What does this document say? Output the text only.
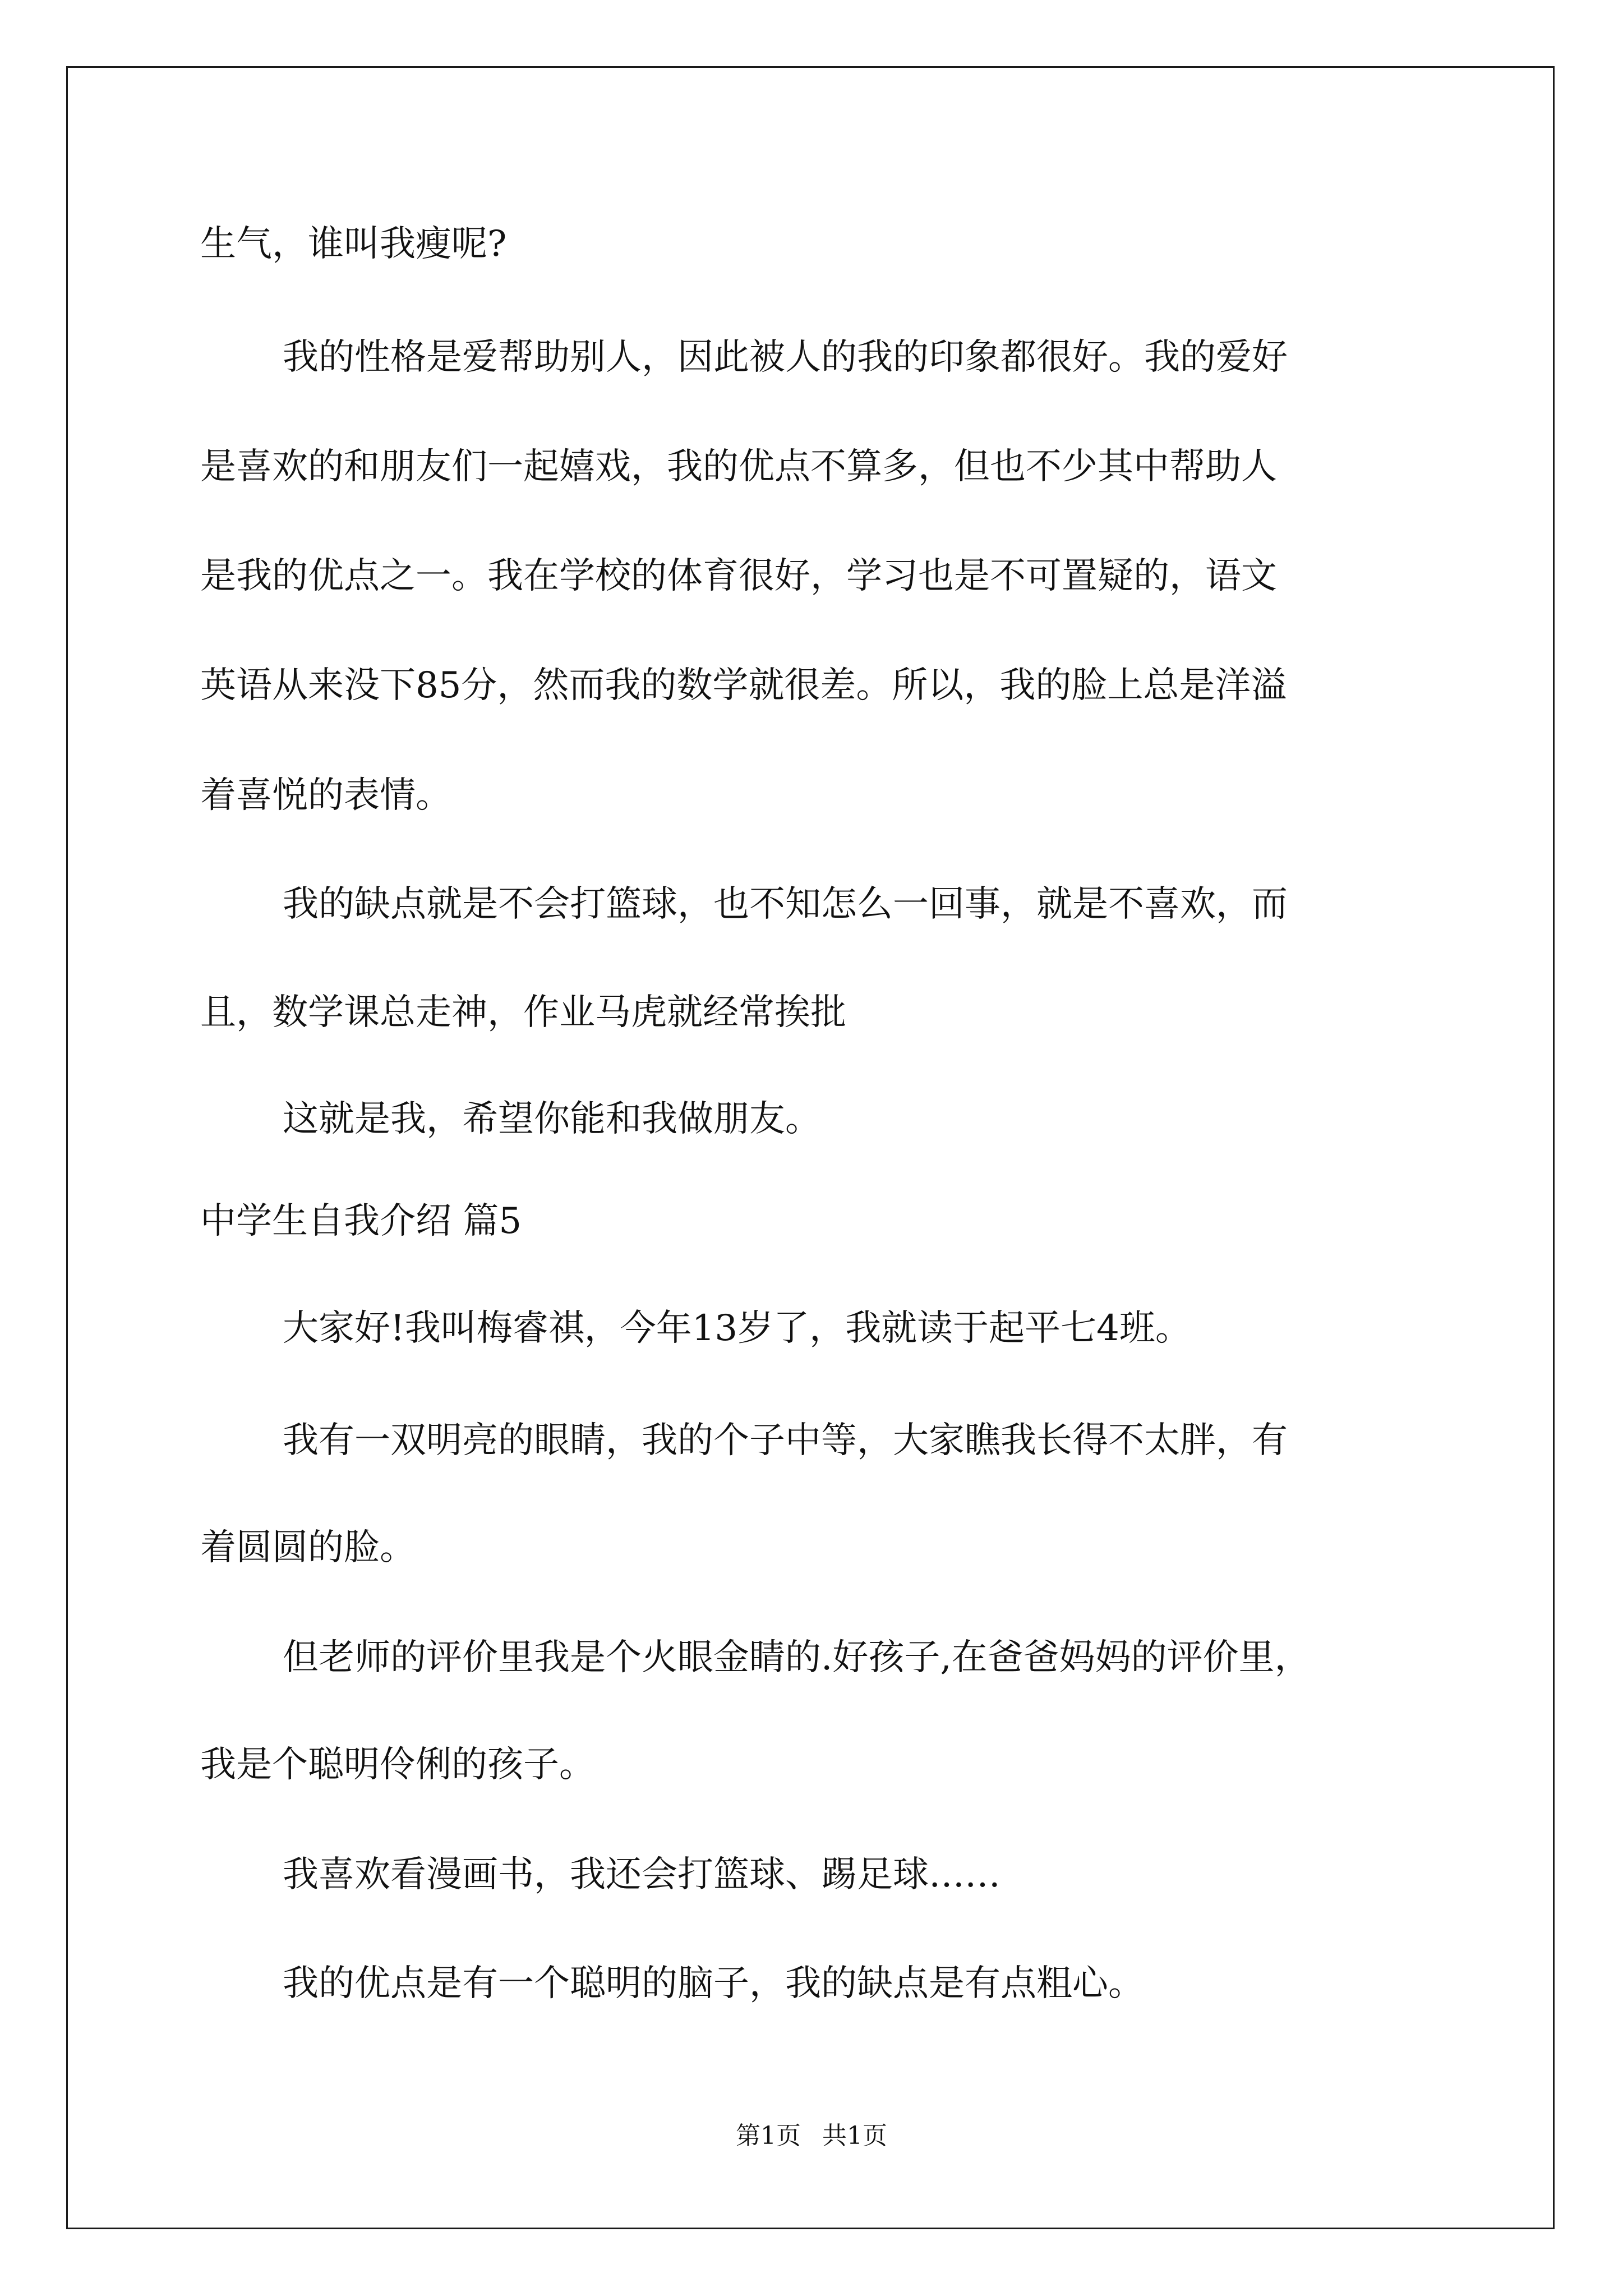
生气，谁叫我瘦呢?
我的性格是爱帮助别人，因此被人的我的印象都很好。我的爱好
是喜欢的和朋友们一起嬉戏，我的优点不算多，但也不少其中帮助人
是我的优点之一。我在学校的体育很好，学习也是不可置疑的，语文
英语从来没下85分，然而我的数学就很差。所以，我的脸上总是洋溢
着喜悦的表情。
我的缺点就是不会打篮球，也不知怎么一回事，就是不喜欢，而
且，数学课总走神，作业马虎就经常挨批
这就是我，希望你能和我做朋友。
中学生自我介绍 篇5
大家好!我叫梅睿祺，今年13岁了，我就读于起平七4班。
我有一双明亮的眼睛，我的个子中等，大家瞧我长得不太胖，有
着圆圆的脸。
但老师的评价里我是个火眼金睛的.好孩子,在爸爸妈妈的评价里，
我是个聪明伶俐的孩子。
我喜欢看漫画书，我还会打篮球、踢足球……
我的优点是有一个聪明的脑子，我的缺点是有点粗心。
第1页 共1页
